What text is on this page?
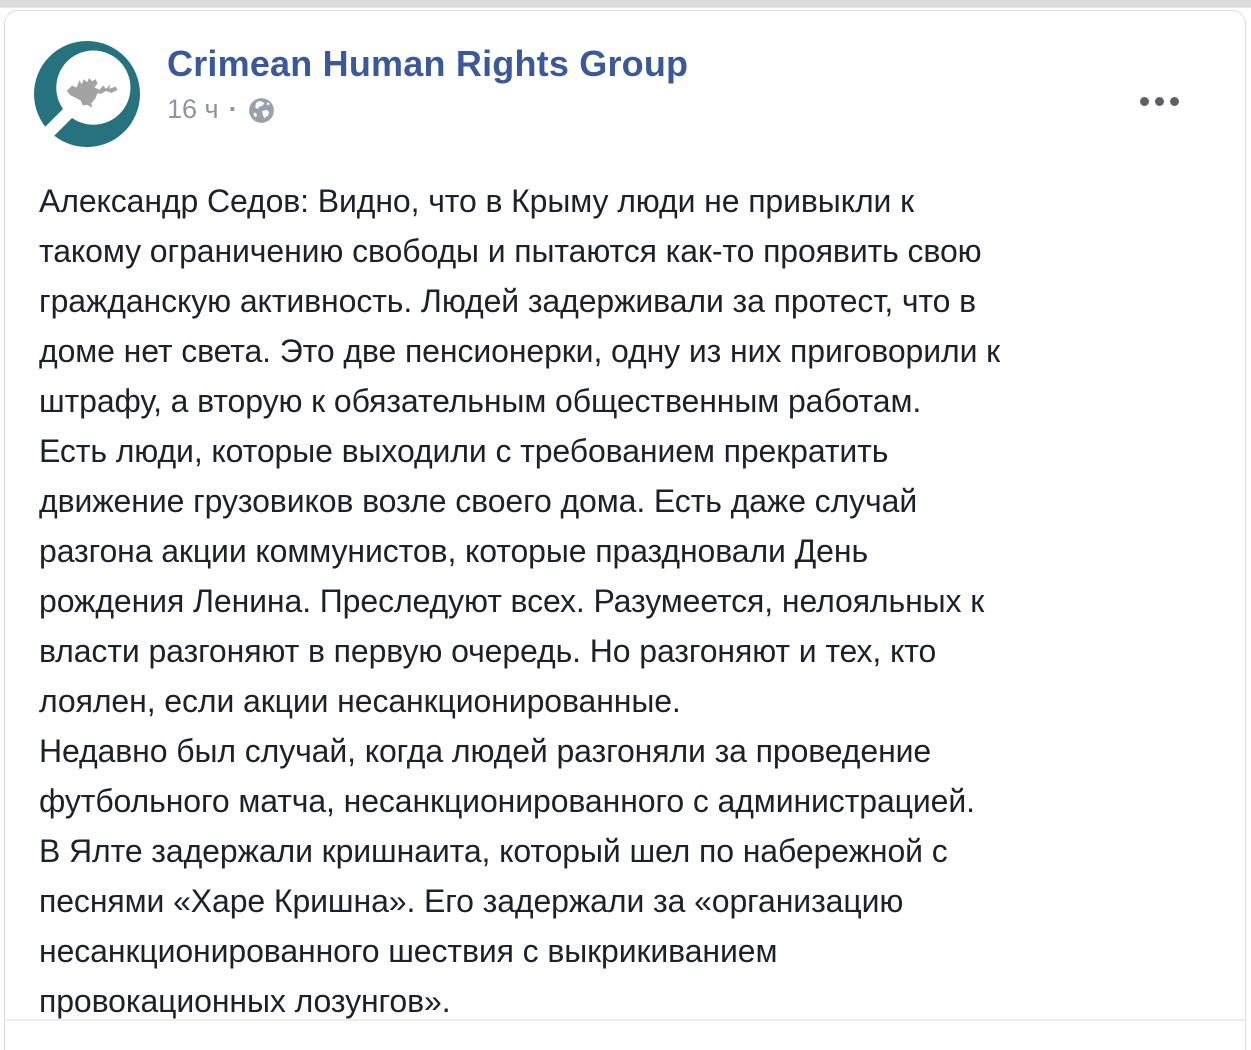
Crimean Human Rights Group
16 ч ·
Александр Седов: Видно, что в Крыму люди не привыкли к
такому ограничению свободы и пытаются как-то проявить свою
гражданскую активность. Людей задерживали за протест, что в
доме нет света. Это две пенсионерки, одну из них приговорили к
штрафу, а вторую к обязательным общественным работам.
Есть люди, которые выходили с требованием прекратить
движение грузовиков возле своего дома. Есть даже случай
разгона акции коммунистов, которые праздновали День
рождения Ленина. Преследуют всех. Разумеется, нелояльных к
власти разгоняют в первую очередь. Но разгоняют и тех, кто
лоялен, если акции несанкционированные.
Недавно был случай, когда людей разгоняли за проведение
футбольного матча, несанкционированного с администрацией.
В Ялте задержали кришнаита, который шел по набережной с
песнями «Харе Кришна». Его задержали за «организацию
несанкционированного шествия с выкрикиванием
провокационных лозунгов».
